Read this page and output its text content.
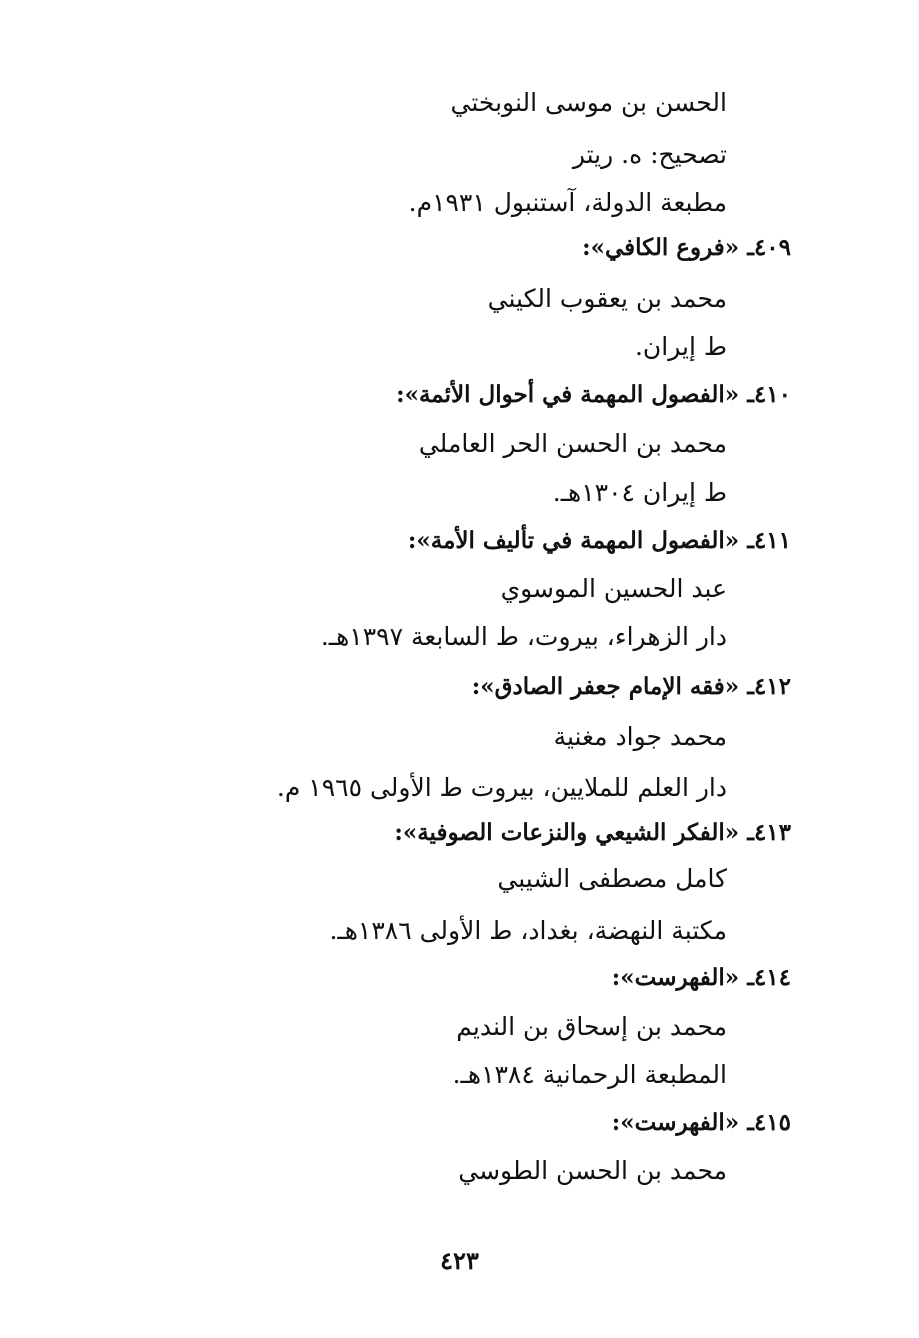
الحسن بن موسى النوبختي
تصحيح: ه. ريتر
مطبعة الدولة، آستنبول ١٩٣١م.
٤٠٩ـ «فروع الكافي»:
محمد بن يعقوب الكيني
ط إيران.
٤١٠ـ «الفصول المهمة في أحوال الأئمة»:
محمد بن الحسن الحر العاملي
ط إيران ١٣٠٤هـ.
٤١١ـ «الفصول المهمة في تأليف الأمة»:
عبد الحسين الموسوي
دار الزهراء، بيروت، ط السابعة ١٣٩٧هـ.
٤١٢ـ «فقه الإمام جعفر الصادق»:
محمد جواد مغنية
دار العلم للملايين، بيروت ط الأولى ١٩٦٥ م.
٤١٣ـ «الفكر الشيعي والنزعات الصوفية»:
كامل مصطفى الشيبي
مكتبة النهضة، بغداد، ط الأولى ١٣٨٦هـ.
٤١٤ـ «الفهرست»:
محمد بن إسحاق بن النديم
المطبعة الرحمانية ١٣٨٤هـ.
٤١٥ـ «الفهرست»:
محمد بن الحسن الطوسي
٤٢٣
